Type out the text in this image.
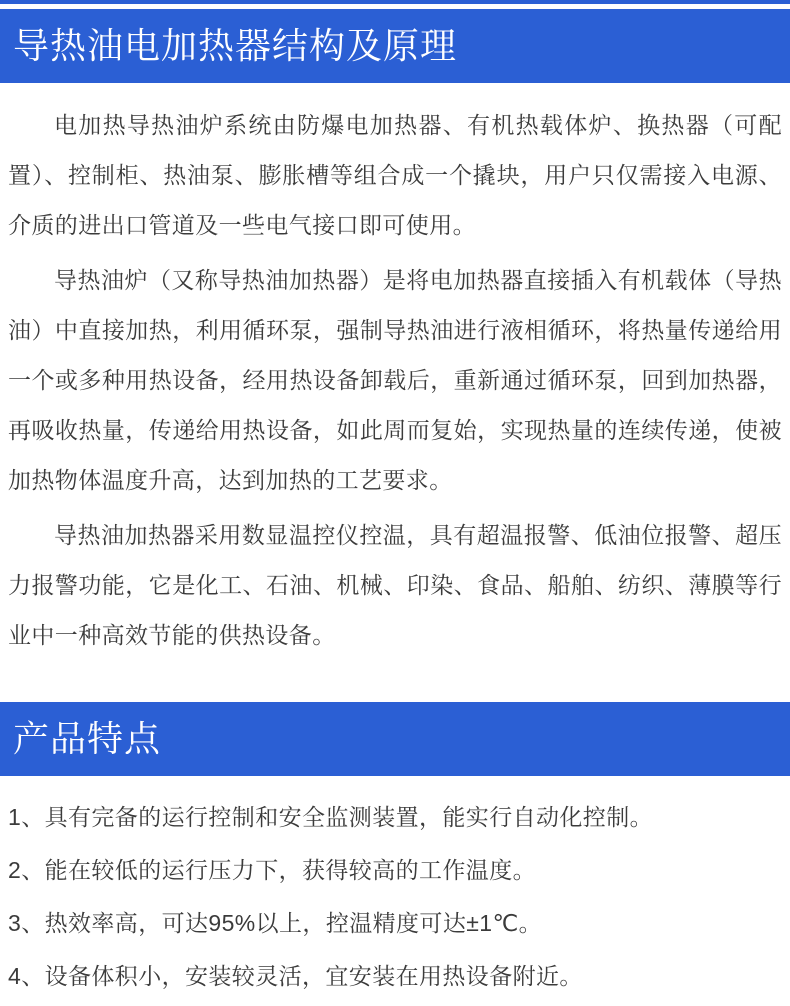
导热油电加热器结构及原理

电加热导热油炉系统由防爆电加热器、有机热载体炉、换热器（可配置）、控制柜、热油泵、膨胀槽等组合成一个撬块，用户只仅需接入电源、介质的进出口管道及一些电气接口即可使用。

导热油炉（又称导热油加热器）是将电加热器直接插入有机载体（导热油）中直接加热，利用循环泵，强制导热油进行液相循环，将热量传递给用一个或多种用热设备，经用热设备卸载后，重新通过循环泵，回到加热器，再吸收热量，传递给用热设备，如此周而复始，实现热量的连续传递，使被加热物体温度升高，达到加热的工艺要求。

导热油加热器采用数显温控仪控温，具有超温报警、低油位报警、超压力报警功能，它是化工、石油、机械、印染、食品、船舶、纺织、薄膜等行业中一种高效节能的供热设备。

产品特点

1、具有完备的运行控制和安全监测装置，能实行自动化控制。

2、能在较低的运行压力下，获得较高的工作温度。

3、热效率高，可达95%以上，控温精度可达±1℃。

4、设备体积小，安装较灵活，宜安装在用热设备附近。
